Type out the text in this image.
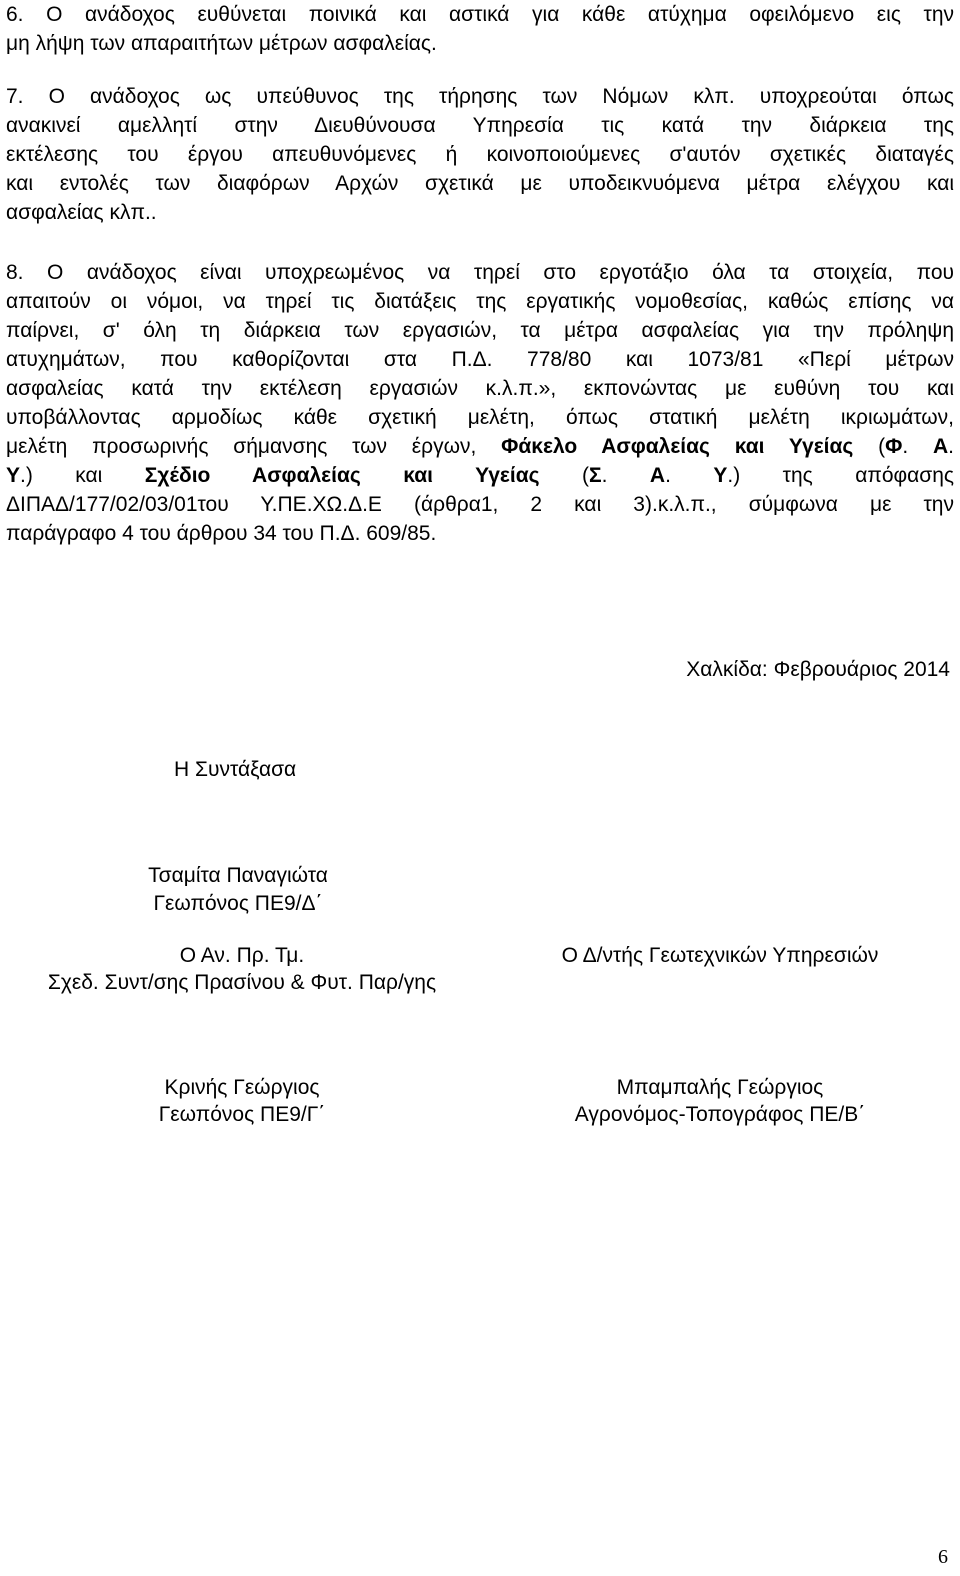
6. Ο ανάδοχος ευθύνεται ποινικά και αστικά για κάθε ατύχημα οφειλόμενο εις την
μη λήψη των απαραιτήτων μέτρων ασφαλείας.
7. Ο ανάδοχος ως υπεύθυνος της τήρησης των Νόμων κλπ. υποχρεούται όπως
ανακινεί αμελλητί στην Διευθύνουσα Υπηρεσία τις κατά την διάρκεια της
εκτέλεσης του έργου απευθυνόμενες ή κοινοποιούμενες σ'αυτόν σχετικές διαταγές
και εντολές των διαφόρων Αρχών σχετικά με υποδεικνυόμενα μέτρα ελέγχου και
ασφαλείας κλπ..
8. Ο ανάδοχος είναι υποχρεωμένος να τηρεί στο εργοτάξιο όλα τα στοιχεία, που
απαιτούν οι νόμοι, να τηρεί τις διατάξεις της εργατικής νομοθεσίας, καθώς επίσης να
παίρνει, σ' όλη τη διάρκεια των εργασιών, τα μέτρα ασφαλείας για την πρόληψη
ατυχημάτων, που καθορίζονται στα Π.Δ. 778/80 και 1073/81 «Περί μέτρων
ασφαλείας κατά την εκτέλεση εργασιών κ.λ.π.», εκπονώντας με ευθύνη του και
υποβάλλοντας αρμοδίως κάθε σχετική μελέτη, όπως στατική μελέτη ικριωμάτων,
μελέτη προσωρινής σήμανσης των έργων, Φάκελο Ασφαλείας και Υγείας (Φ. Α.
Υ.) και Σχέδιο Ασφαλείας και Υγείας (Σ. Α. Υ.) της απόφασης
ΔΙΠΑΔ/177/02/03/01του Υ.ΠΕ.ΧΩ.Δ.Ε (άρθρα1, 2 και 3).κ.λ.π., σύμφωνα με την
παράγραφο 4 του άρθρου 34 του Π.Δ. 609/85.
Χαλκίδα: Φεβρουάριος 2014
Η Συντάξασα
Τσαμίτα Παναγιώτα
Γεωπόνος ΠΕ9/Δ΄
Ο Αν. Πρ. Τμ.
Σχεδ. Συντ/σης Πρασίνου & Φυτ. Παρ/γης
Κρινής Γεώργιος
Γεωπόνος ΠΕ9/Γ΄
Ο Δ/ντής Γεωτεχνικών Υπηρεσιών
Μπαμπαλής Γεώργιος
Αγρονόμος-Τοπογράφος ΠΕ/Β΄
6
